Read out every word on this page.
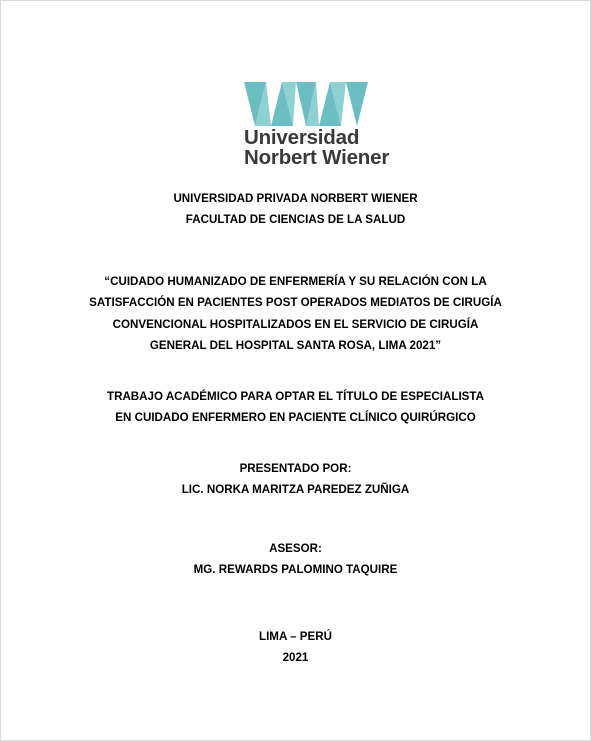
Universidad
Norbert Wiener

UNIVERSIDAD PRIVADA NORBERT WIENER
FACULTAD DE CIENCIAS DE LA SALUD

“CUIDADO HUMANIZADO DE ENFERMERÍA Y SU RELACIÓN CON LA
SATISFACCIÓN EN PACIENTES POST OPERADOS MEDIATOS DE CIRUGÍA
CONVENCIONAL HOSPITALIZADOS EN EL SERVICIO DE CIRUGÍA
GENERAL DEL HOSPITAL SANTA ROSA, LIMA 2021”

TRABAJO ACADÉMICO PARA OPTAR EL TÍTULO DE ESPECIALISTA
EN CUIDADO ENFERMERO EN PACIENTE CLÍNICO QUIRÚRGICO

PRESENTADO POR:
LIC. NORKA MARITZA PAREDEZ ZUÑIGA

ASESOR:
MG. REWARDS PALOMINO TAQUIRE

LIMA – PERÚ
2021
